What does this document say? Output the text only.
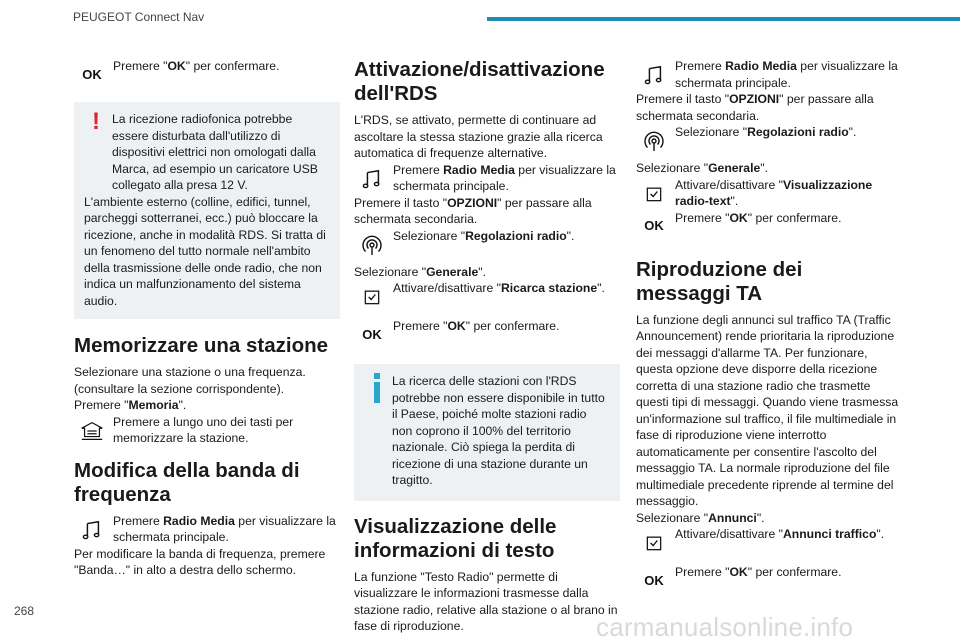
PEUGEOT Connect Nav
OK
Premere "OK" per confermare.
! La ricezione radiofonica potrebbe essere disturbata dall'utilizzo di dispositivi elettrici non omologati dalla Marca, ad esempio un caricatore USB collegato alla presa 12 V.
L'ambiente esterno (colline, edifici, tunnel, parcheggi sotterranei, ecc.) può bloccare la ricezione, anche in modalità RDS. Si tratta di un fenomeno del tutto normale nell'ambito della trasmissione delle onde radio, che non indica un malfunzionamento del sistema audio.
Memorizzare una stazione
Selezionare una stazione o una frequenza. (consultare la sezione corrispondente).
Premere "Memoria".
Premere a lungo uno dei tasti per memorizzare la stazione.
Modifica della banda di frequenza
Premere Radio Media per visualizzare la schermata principale.
Per modificare la banda di frequenza, premere "Banda…" in alto a destra dello schermo.
Attivazione/disattivazione dell'RDS
L'RDS, se attivato, permette di continuare ad ascoltare la stessa stazione grazie alla ricerca automatica di frequenze alternative.
Premere Radio Media per visualizzare la schermata principale.
Premere il tasto "OPZIONI" per passare alla schermata secondaria.
Selezionare "Regolazioni radio".
Selezionare "Generale".
Attivare/disattivare "Ricarca stazione".
OK
Premere "OK" per confermare.
La ricerca delle stazioni con l'RDS potrebbe non essere disponibile in tutto il Paese, poiché molte stazioni radio non coprono il 100% del territorio nazionale. Ciò spiega la perdita di ricezione di una stazione durante un tragitto.
Visualizzazione delle informazioni di testo
La funzione "Testo Radio" permette di visualizzare le informazioni trasmesse dalla stazione radio, relative alla stazione o al brano in fase di riproduzione.
Premere Radio Media per visualizzare la schermata principale.
Premere il tasto "OPZIONI" per passare alla schermata secondaria.
Selezionare "Regolazioni radio".
Selezionare "Generale".
Attivare/disattivare "Visualizzazione radio-text".
OK
Premere "OK" per confermare.
Riproduzione dei messaggi TA
La funzione degli annunci sul traffico TA (Traffic Announcement) rende prioritaria la riproduzione dei messaggi d'allarme TA. Per funzionare, questa opzione deve disporre della ricezione corretta di una stazione radio che trasmette questi tipi di messaggi. Quando viene trasmessa un'informazione sul traffico, il file multimediale in fase di riproduzione viene interrotto automaticamente per consentire l'ascolto del messaggio TA. La normale riproduzione del file multimediale precedente riprende al termine del messaggio.
Selezionare "Annunci".
Attivare/disattivare "Annunci traffico".
OK
Premere "OK" per confermare.
268
carmanualsonline.info
